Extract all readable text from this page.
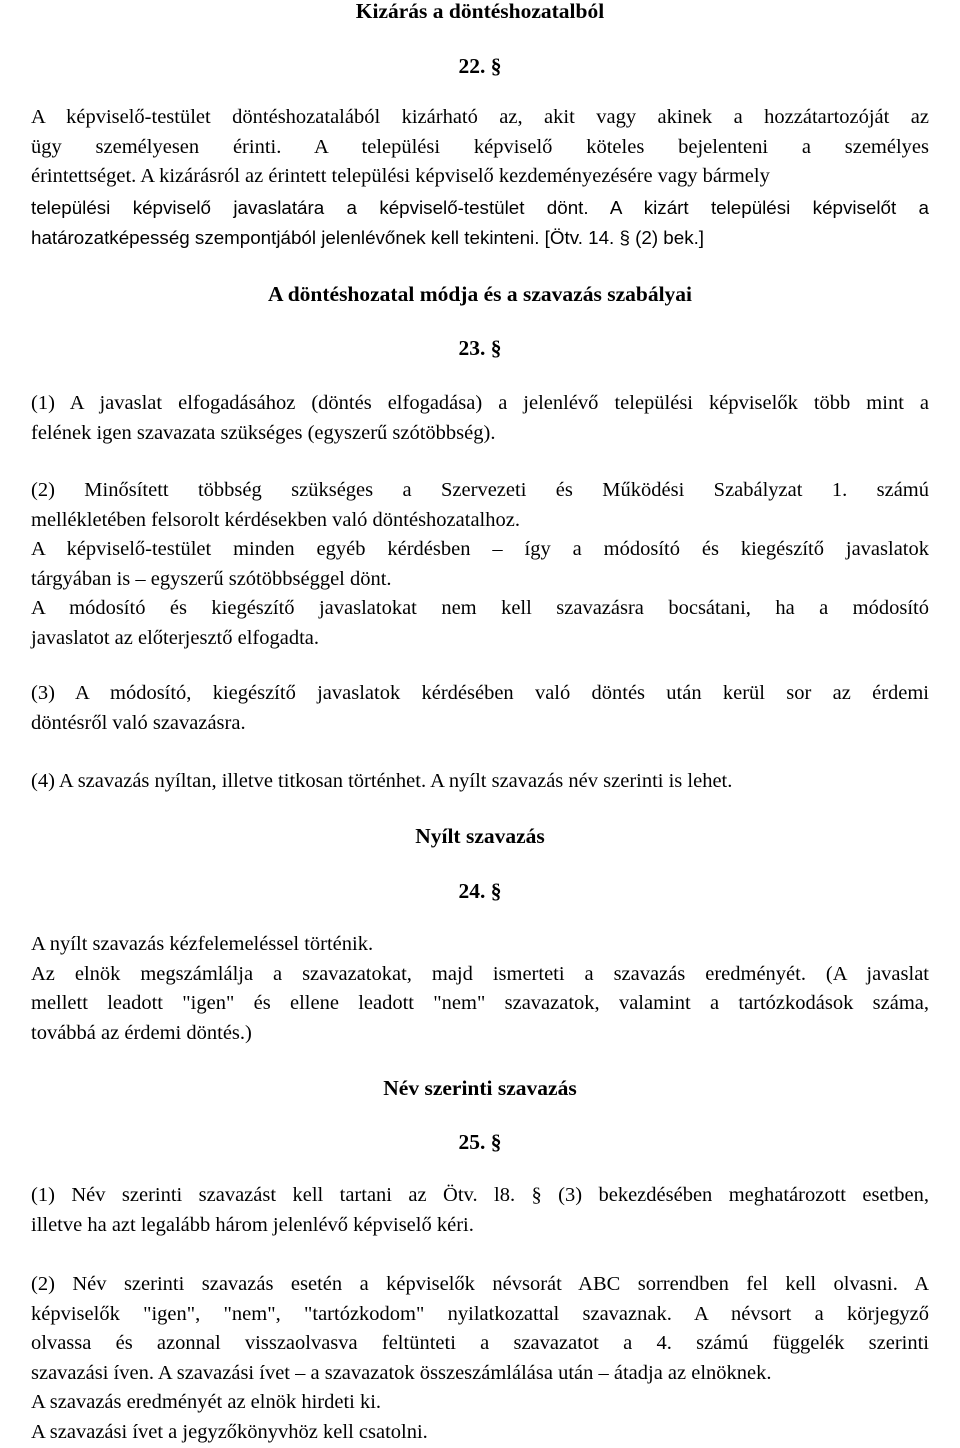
Kizárás a döntéshozatalból
22. §
A képviselő-testület döntéshozatalából kizárható az, akit vagy akinek a hozzátartozóját az
ügy személyesen érinti. A települési képviselő köteles bejelenteni a személyes
érintettséget. A kizárásról az érintett települési képviselő kezdeményezésére vagy bármely
települési képviselő javaslatára a képviselő-testület dönt. A kizárt települési képviselőt a
határozatképesség szempontjából jelenlévőnek kell tekinteni. [Ötv. 14. § (2) bek.]
A döntéshozatal módja és a szavazás szabályai
23. §
(1) A javaslat elfogadásához (döntés elfogadása) a jelenlévő települési képviselők több mint a
felének igen szavazata szükséges (egyszerű szótöbbség).
(2) Minősített többség szükséges a Szervezeti és Működési Szabályzat 1. számú
mellékletében felsorolt kérdésekben való döntéshozatalhoz.
A képviselő-testület minden egyéb kérdésben – így a módosító és kiegészítő javaslatok
tárgyában is – egyszerű szótöbbséggel dönt.
A módosító és kiegészítő javaslatokat nem kell szavazásra bocsátani, ha a módosító
javaslatot az előterjesztő elfogadta.
(3) A módosító, kiegészítő javaslatok kérdésében való döntés után kerül sor az érdemi
döntésről való szavazásra.
(4) A szavazás nyíltan, illetve titkosan történhet. A nyílt szavazás név szerinti is lehet.
Nyílt szavazás
24. §
A nyílt szavazás kézfelemeléssel történik.
Az elnök megszámlálja a szavazatokat, majd ismerteti a szavazás eredményét. (A javaslat
mellett leadott "igen" és ellene leadott "nem" szavazatok, valamint a tartózkodások száma,
továbbá az érdemi döntés.)
Név szerinti szavazás
25. §
(1) Név szerinti szavazást kell tartani az Ötv. l8. § (3) bekezdésében meghatározott esetben,
illetve ha azt legalább három jelenlévő képviselő kéri.
(2) Név szerinti szavazás esetén a képviselők névsorát ABC sorrendben fel kell olvasni. A
képviselők "igen", "nem", "tartózkodom" nyilatkozattal szavaznak. A névsort a körjegyző
olvassa és azonnal visszaolvasva feltünteti a szavazatot a 4. számú függelék szerinti
szavazási íven. A szavazási ívet – a szavazatok összeszámlálása után – átadja az elnöknek.
A szavazás eredményét az elnök hirdeti ki.
A szavazási ívet a jegyzőkönyvhöz kell csatolni.
